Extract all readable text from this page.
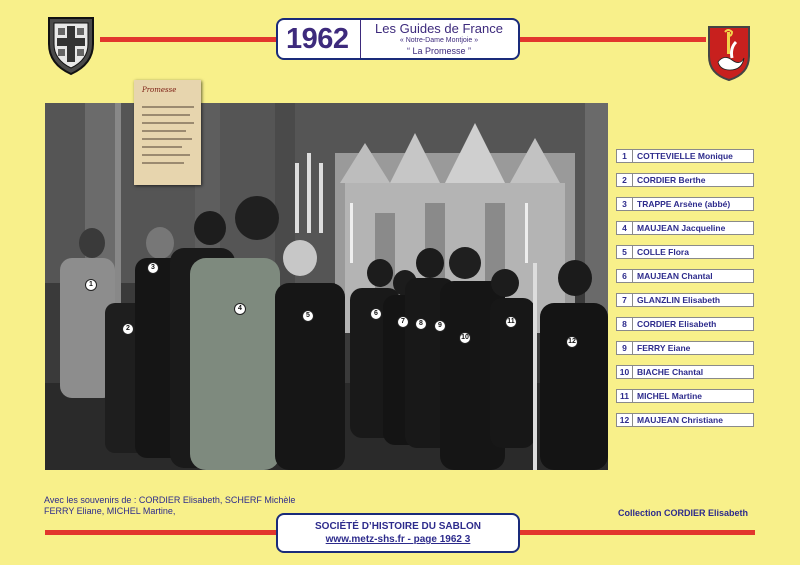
1962	Les Guides de France
« Notre-Dame Montjoie »
“ La Promesse ”
Promesse
1
2
3
4
5	6
7	8	9
10
11
12
1	COTTEVIELLE Monique
2	CORDIER Berthe
3	TRAPPE Arsène (abbé)
4	MAUJEAN Jacqueline
5	COLLE Flora
6	MAUJEAN Chantal
7	GLANZLIN Elisabeth
8	CORDIER Elisabeth
9	FERRY Eiane
10 BIACHE Chantal
11 MICHEL Martine
12 MAUJEAN Christiane
Avec les souvenirs de : CORDIER Elisabeth, SCHERF Michèle
FERRY Eliane, MICHEL Martine,	Collection CORDIER Elisabeth
SOCIÉTÉ D’HISTOIRE DU SABLON
www.metz-shs.fr - page 1962 3
